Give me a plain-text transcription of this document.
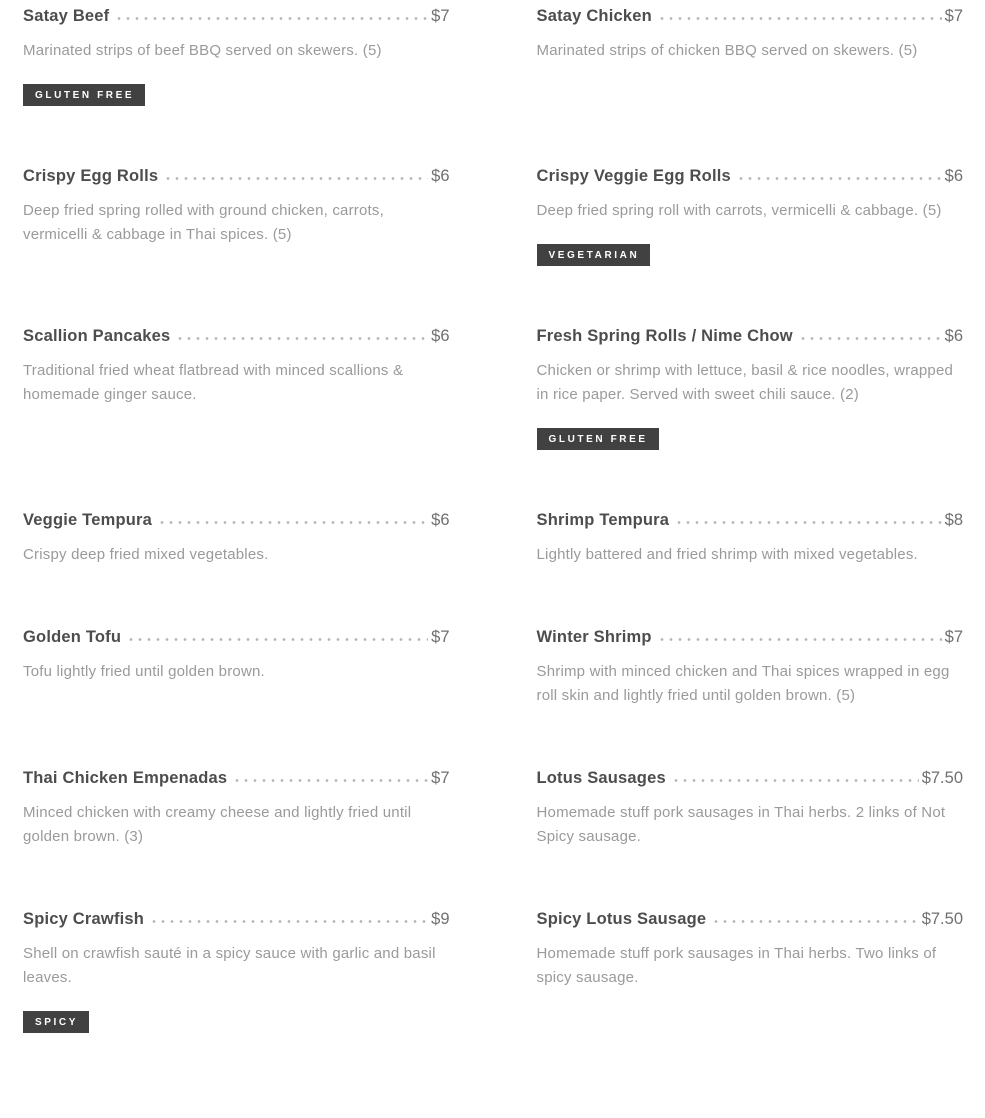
Satay Beef	$7

Marinated strips of beef BBQ served on skewers. (5)

GLUTEN FREE
Satay Chicken	$7

Marinated strips of chicken BBQ served on skewers. (5)

Crispy Egg Rolls	$6

Deep fried spring rolled with ground chicken, carrots, vermicelli & cabbage in Thai spices. (5)

Crispy Veggie Egg Rolls	$6

Deep fried spring roll with carrots, vermicelli & cabbage. (5)

VEGETARIAN
Scallion Pancakes	$6

Traditional fried wheat flatbread with minced scallions & homemade ginger sauce.

Fresh Spring Rolls / Nime Chow	$6

Chicken or shrimp with lettuce, basil & rice noodles, wrapped in rice paper. Served with sweet chili sauce. (2)

GLUTEN FREE
Veggie Tempura	$6

Crispy deep fried mixed vegetables.

Shrimp Tempura	$8

Lightly battered and fried shrimp with mixed vegetables.

Golden Tofu	$7

Tofu lightly fried until golden brown.

Winter Shrimp	$7

Shrimp with minced chicken and Thai spices wrapped in egg roll skin and lightly fried until golden brown. (5)

Thai Chicken Empenadas	$7

Minced chicken with creamy cheese and lightly fried until golden brown. (3)

Lotus Sausages	$7.50

Homemade stuff pork sausages in Thai herbs. 2 links of Not Spicy sausage.

Spicy Crawfish	$9

Shell on crawfish sauté in a spicy sauce with garlic and basil leaves.

SPICY
Spicy Lotus Sausage	$7.50

Homemade stuff pork sausages in Thai herbs. Two links of spicy sausage.
